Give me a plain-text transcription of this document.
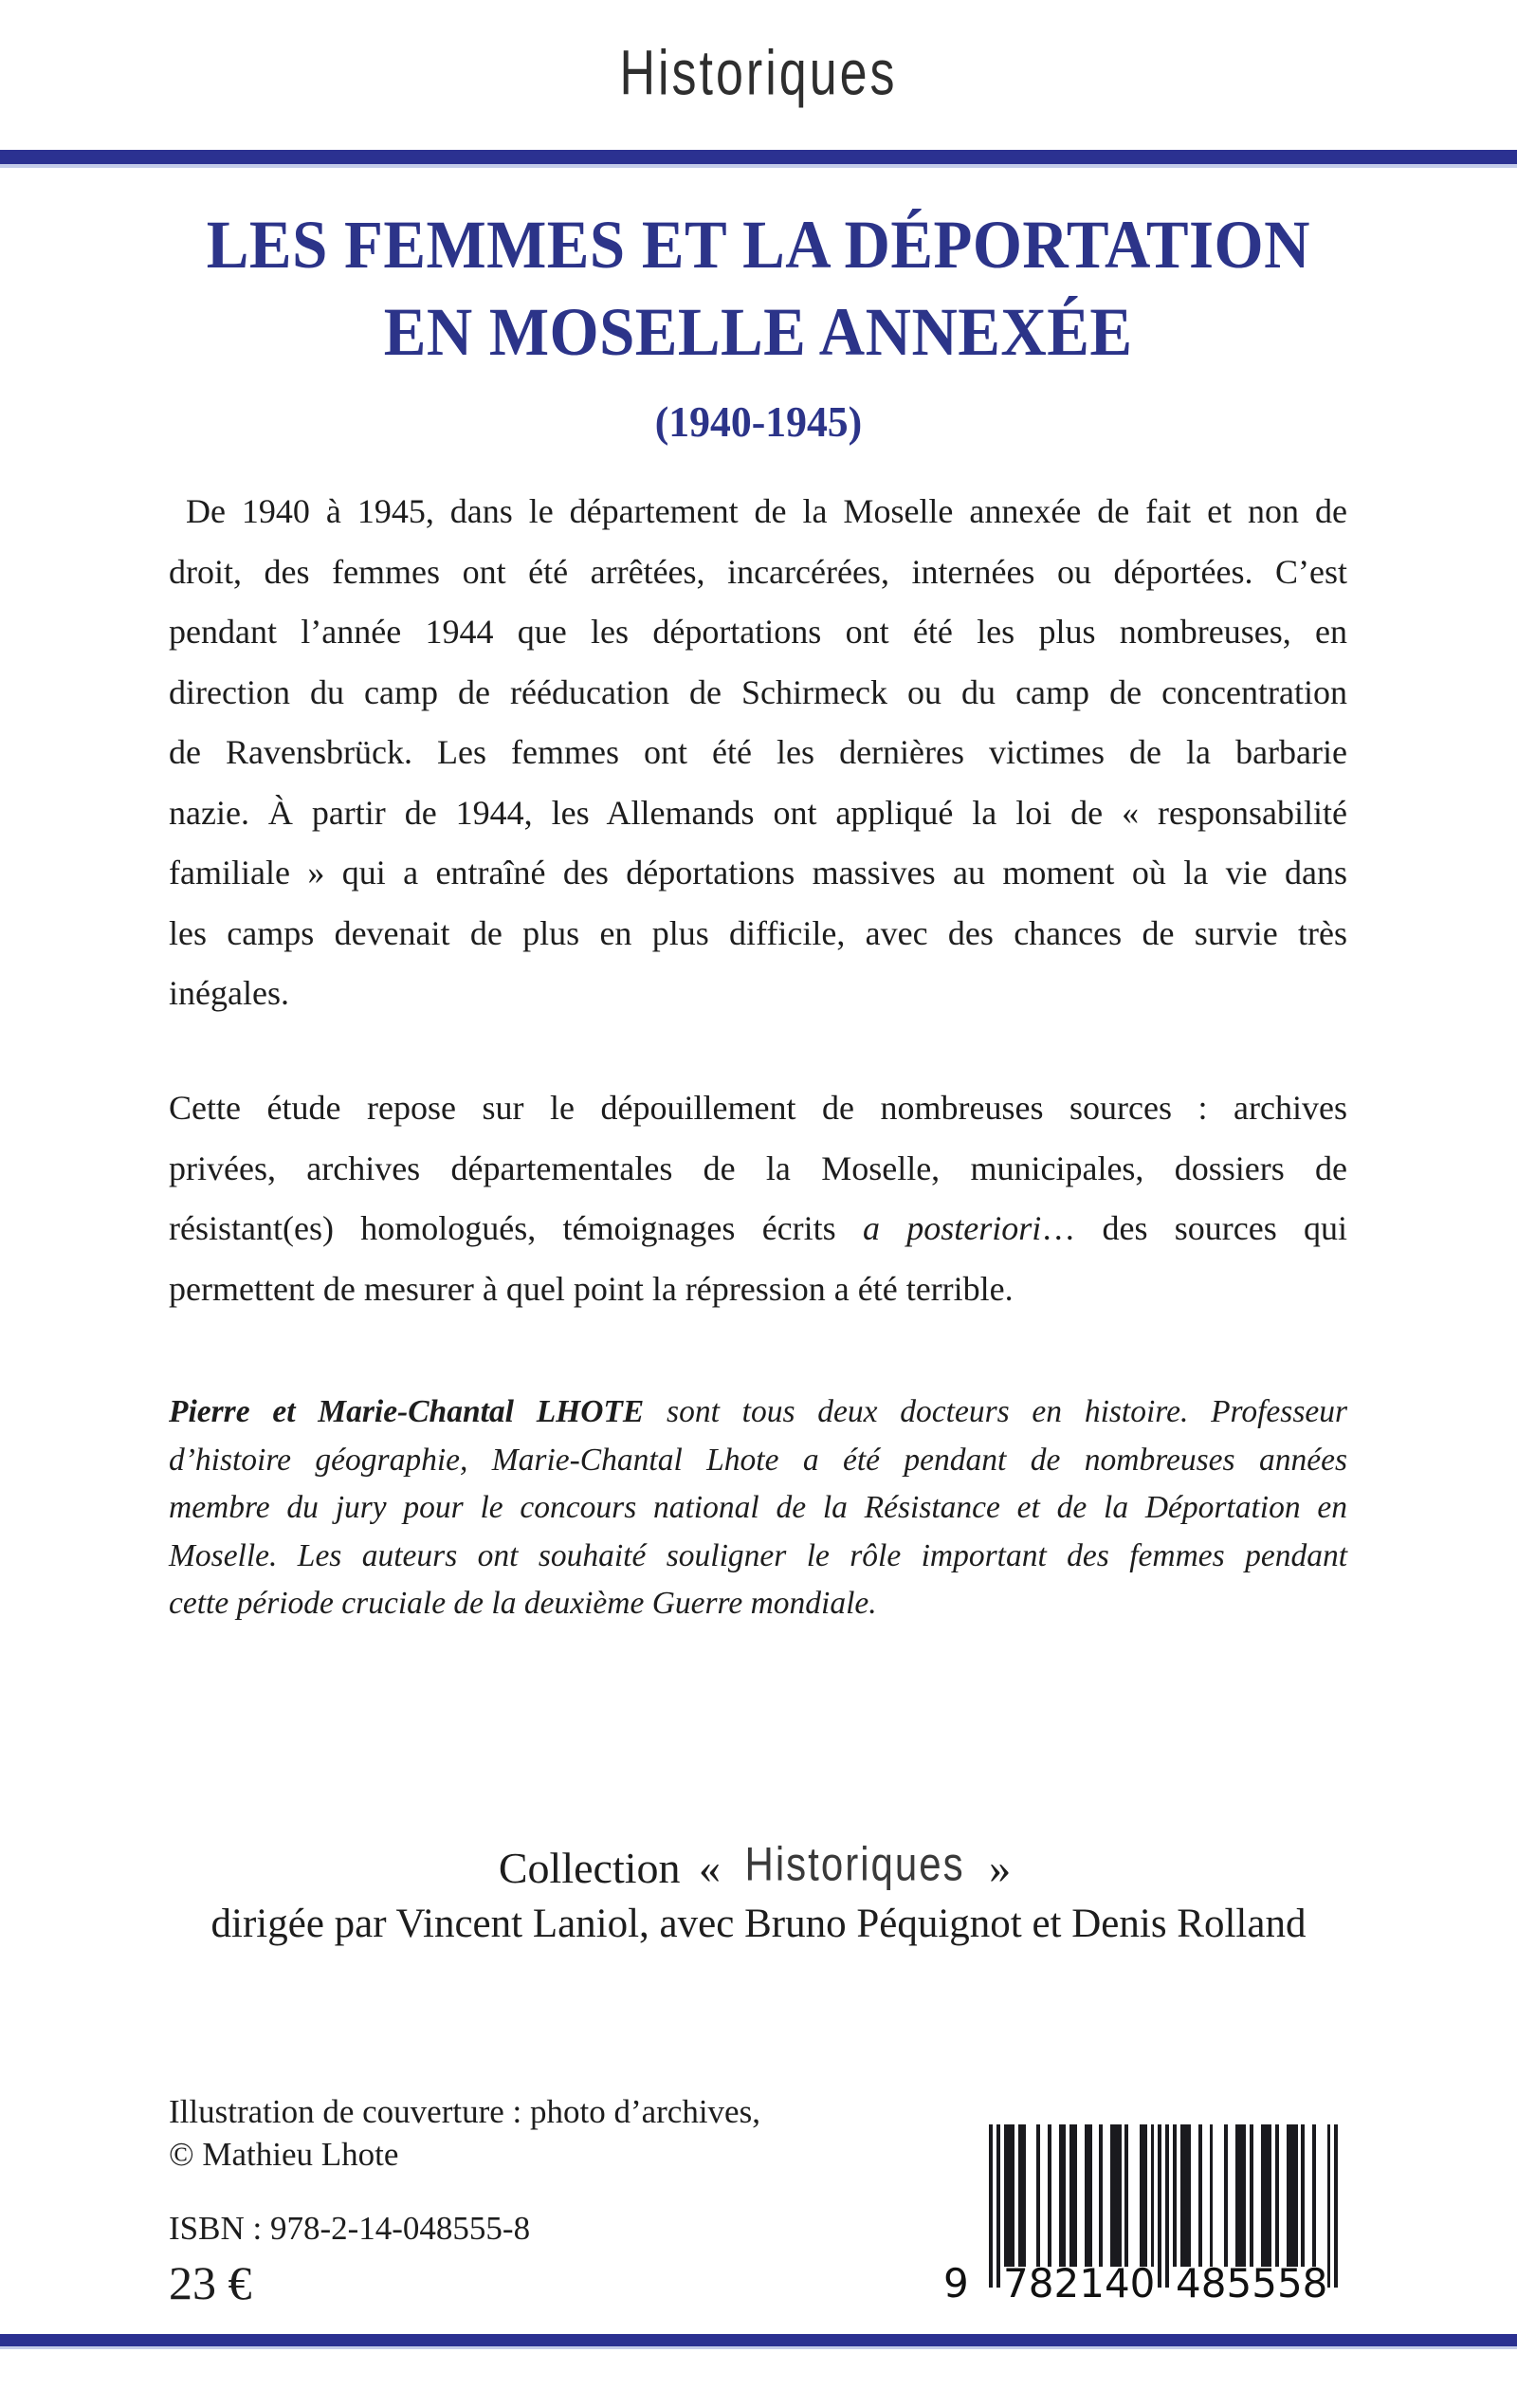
Historiques
LES FEMMES ET LA DÉPORTATION
EN MOSELLE ANNEXÉE
(1940-1945)
De 1940 à 1945, dans le département de la Moselle annexée de fait et non de
droit, des femmes ont été arrêtées, incarcérées, internées ou déportées. C’est
pendant l’année 1944 que les déportations ont été les plus nombreuses, en
direction du camp de rééducation de Schirmeck ou du camp de concentration
de Ravensbrück. Les femmes ont été les dernières victimes de la barbarie
nazie. À partir de 1944, les Allemands ont appliqué la loi de « responsabilité
familiale » qui a entraîné des déportations massives au moment où la vie dans
les camps devenait de plus en plus difficile, avec des chances de survie très
inégales.
Cette étude repose sur le dépouillement de nombreuses sources : archives
privées, archives départementales de la Moselle, municipales, dossiers de
résistant(es) homologués, témoignages écrits a posteriori… des sources qui
permettent de mesurer à quel point la répression a été terrible.
Pierre et Marie-Chantal LHOTE sont tous deux docteurs en histoire. Professeur
d’histoire géographie, Marie-Chantal Lhote a été pendant de nombreuses années
membre du jury pour le concours national de la Résistance et de la Déportation en
Moselle. Les auteurs ont souhaité souligner le rôle important des femmes pendant
cette période cruciale de la deuxième Guerre mondiale.
Collection « Historiques »
dirigée par Vincent Laniol, avec Bruno Péquignot et Denis Rolland
Illustration de couverture : photo d’archives,
© Mathieu Lhote
ISBN : 978-2-14-048555-8
23 €	9 7 8 2 1 4 0 4 8 5 5 5 8
